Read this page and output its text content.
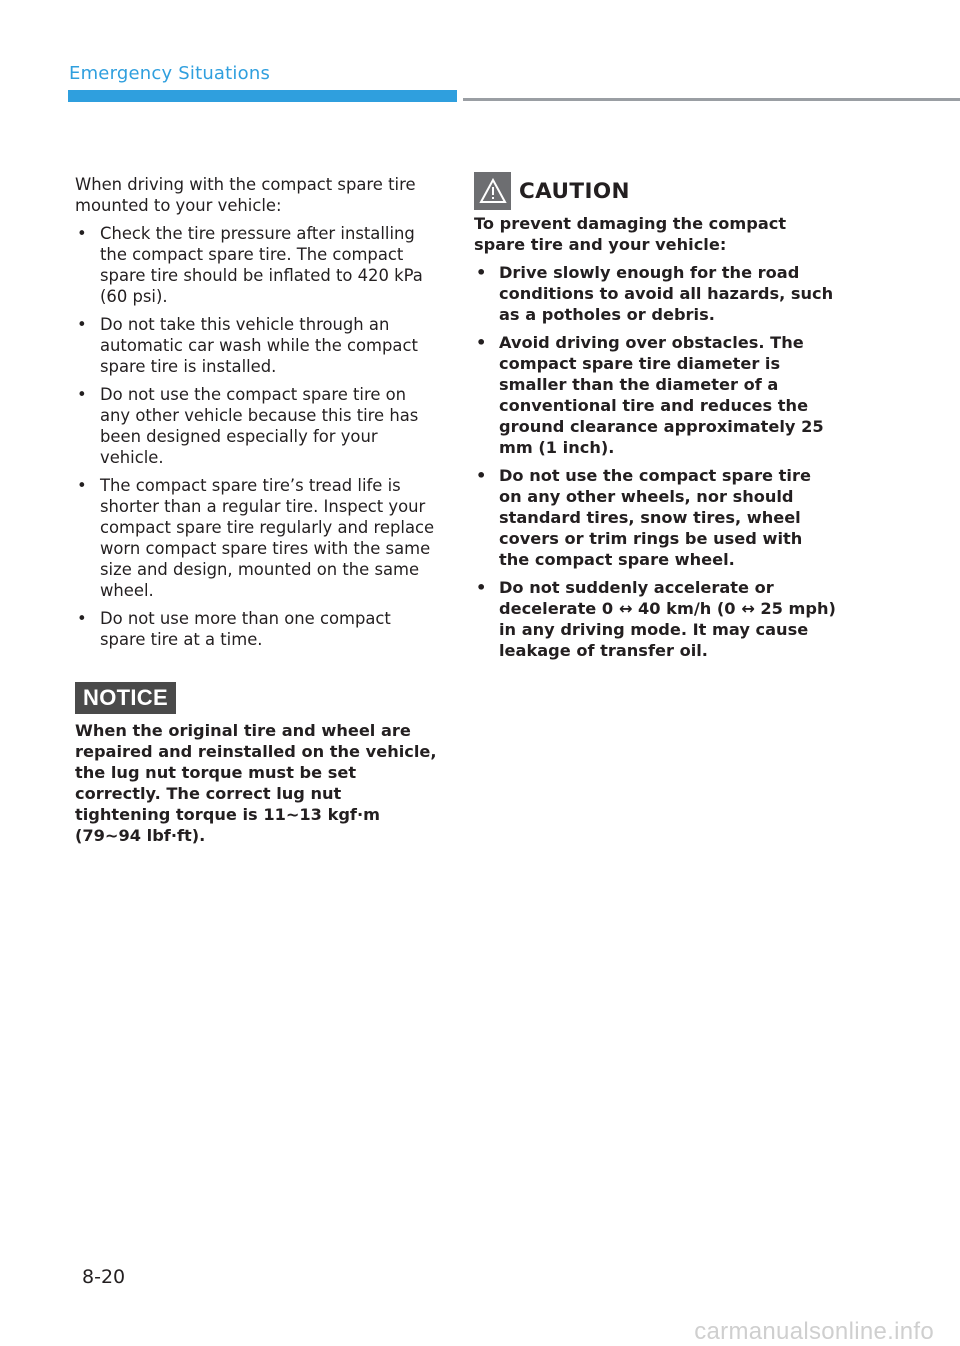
Emergency Situations

When driving with the compact spare tire mounted to your vehicle:

• Check the tire pressure after installing the compact spare tire. The compact spare tire should be inflated to 420 kPa (60 psi).
• Do not take this vehicle through an automatic car wash while the compact spare tire is installed.
• Do not use the compact spare tire on any other vehicle because this tire has been designed especially for your vehicle.
• The compact spare tire’s tread life is shorter than a regular tire. Inspect your compact spare tire regularly and replace worn compact spare tires with the same size and design, mounted on the same wheel.
• Do not use more than one compact spare tire at a time.
NOTICE

When the original tire and wheel are repaired and reinstalled on the vehicle, the lug nut torque must be set correctly. The correct lug nut tightening torque is 11~13 kgf·m (79~94 lbf·ft).

CAUTION

To prevent damaging the compact spare tire and your vehicle:

• Drive slowly enough for the road conditions to avoid all hazards, such as a potholes or debris.
• Avoid driving over obstacles. The compact spare tire diameter is smaller than the diameter of a conventional tire and reduces the ground clearance approximately 25 mm (1 inch).
• Do not use the compact spare tire on any other wheels, nor should standard tires, snow tires, wheel covers or trim rings be used with the compact spare wheel.
• Do not suddenly accelerate or decelerate 0 ↔ 40 km/h (0 ↔ 25 mph) in any driving mode. It may cause leakage of transfer oil.
8-20
carmanualsonline.info
